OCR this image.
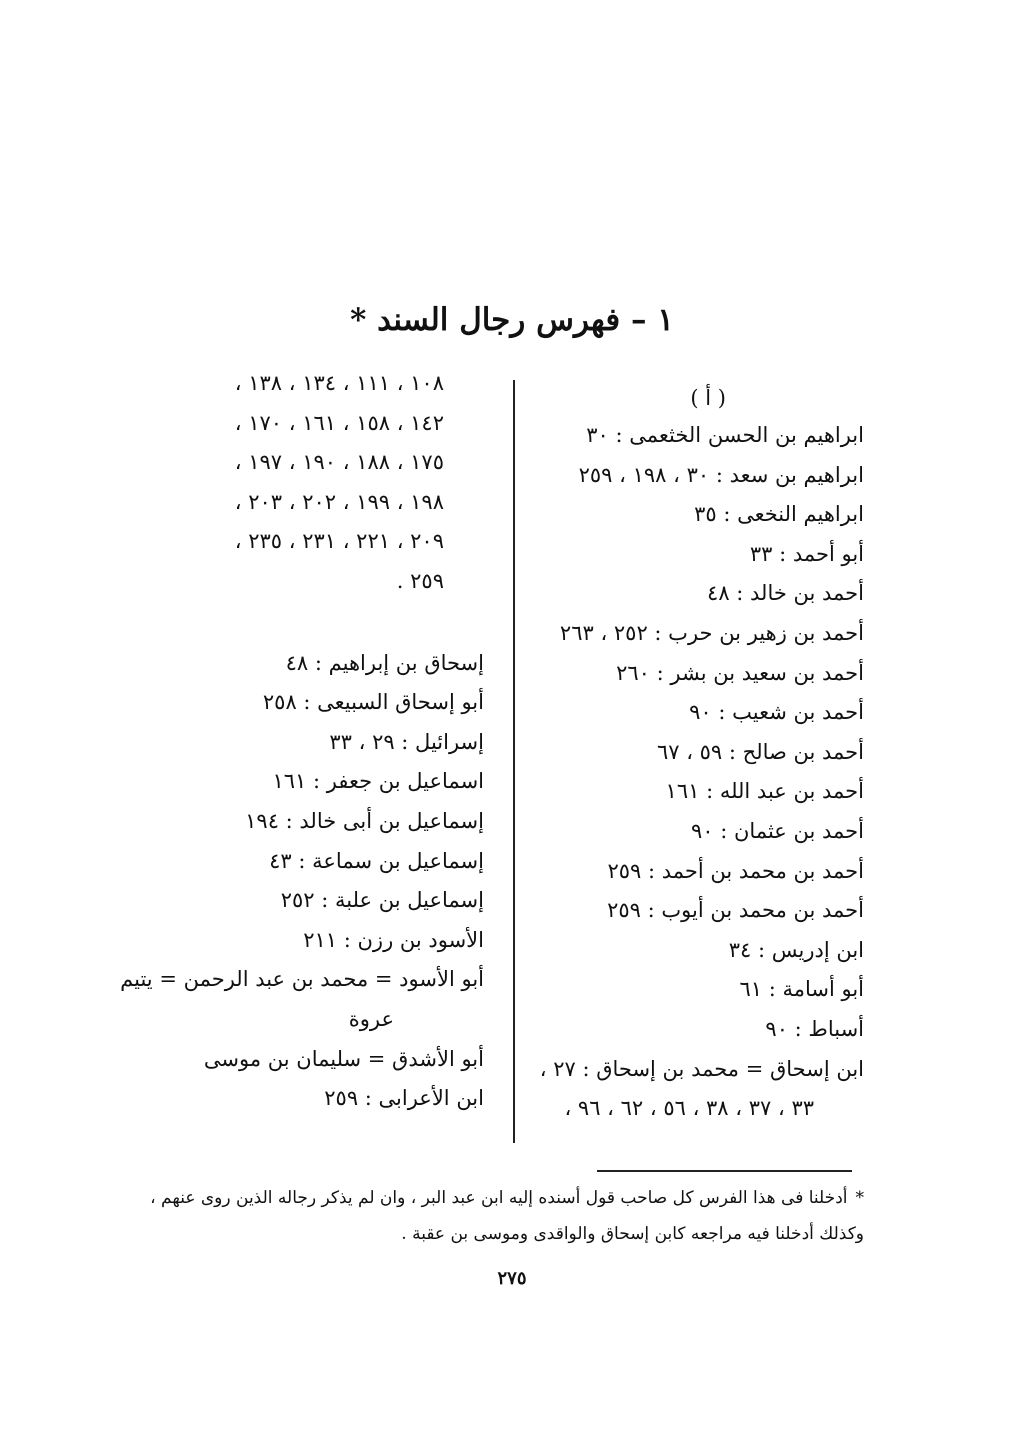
١ – فهرس رجال السند *
( أ )
ابراهيم بن الحسن الخثعمى : ٣٠
ابراهيم بن سعد : ٣٠ ، ١٩٨ ، ٢٥٩
ابراهيم النخعى : ٣٥
أبو أحمد : ٣٣
أحمد بن خالد : ٤٨
أحمد بن زهير بن حرب : ٢٥٢ ، ٢٦٣
أحمد بن سعيد بن بشر : ٢٦٠
أحمد بن شعيب : ٩٠
أحمد بن صالح : ٥٩ ، ٦٧
أحمد بن عبد الله : ١٦١
أحمد بن عثمان : ٩٠
أحمد بن محمد بن أحمد : ٢٥٩
أحمد بن محمد بن أيوب : ٢٥٩
ابن إدريس : ٣٤
أبو أسامة : ٦١
أسباط : ٩٠
ابن إسحاق = محمد بن إسحاق : ٢٧ ،
٣٣ ، ٣٧ ، ٣٨ ، ٥٦ ، ٦٢ ، ٩٦ ،
١٠٨ ، ١١١ ، ١٣٤ ، ١٣٨ ،
١٤٢ ، ١٥٨ ، ١٦١ ، ١٧٠ ،
١٧٥ ، ١٨٨ ، ١٩٠ ، ١٩٧ ،
١٩٨ ، ١٩٩ ، ٢٠٢ ، ٢٠٣ ،
٢٠٩ ، ٢٢١ ، ٢٣١ ، ٢٣٥ ،
٢٥٩ .
إسحاق بن إبراهيم : ٤٨
أبو إسحاق السبيعى : ٢٥٨
إسرائيل : ٢٩ ، ٣٣
اسماعيل بن جعفر : ١٦١
إسماعيل بن أبى خالد : ١٩٤
إسماعيل بن سماعة : ٤٣
إسماعيل بن علبة : ٢٥٢
الأسود بن رزن : ٢١١
أبو الأسود = محمد بن عبد الرحمن = يتيم
عروة
أبو الأشدق = سليمان بن موسى
ابن الأعرابى : ٢٥٩
*أدخلنا فى هذا الفرس كل صاحب قول أسنده إليه ابن عبد البر ، وان لم يذكر رجاله الذين روى عنهم ،
وكذلك أدخلنا فيه مراجعه كابن إسحاق والواقدى وموسى بن عقبة .
٢٧٥
